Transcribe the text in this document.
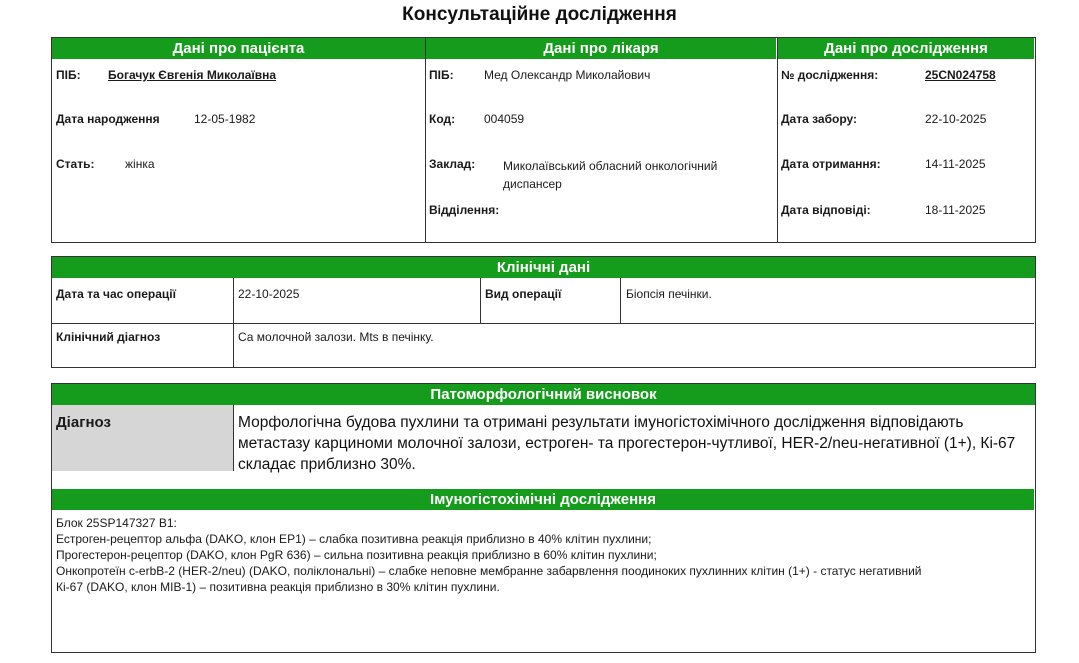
Консультаційне дослідження
Дані про пацієнта	Дані про лікаря	Дані про дослідження
ПІБ: Богачук Євгенія Миколаївна
Дата народження	12-05-1982
Стать:	жінка
ПІБ:	Мед Олександр Миколайович
Код: 004059
Заклад: Миколаївський обласний онкологічний диспансер
Відділення:
№ дослідження:	25CN024758
Дата забору:	22-10-2025
Дата отримання:	14-11-2025
Дата відповіді:	18-11-2025
Клінічні дані
Дата та час операції	22-10-2025	Вид операції	Біопсія печінки.
Клінічний діагноз	Са молочной залози. Mts в печінку.
Патоморфологічний висновок
Діагноз	Морфологічна будова пухлини та отримані результати імуногістохімічного дослідження відповідають метастазу карциноми молочної залози, естроген- та прогестерон-чутливої, HER-2/neu-негативної (1+), Кі-67 складає приблизно 30%.
Імуногістохімічні дослідження
Блок 25SP147327 B1:
Естроген-рецептор альфа (DAKO, клон EP1) – слабка позитивна реакція приблизно в 40% клітин пухлини;
Прогестерон-рецептор (DAKO, клон PgR 636) – сильна позитивна реакція приблизно в 60% клітин пухлини;
Онкопротеїн c-erbB-2 (HER-2/neu) (DAKO, поліклональні) – слабке неповне мембранне забарвлення поодиноких пухлинних клітин (1+) - статус негативний
Кі-67 (DAKO, клон MIB-1) – позитивна реакція приблизно в 30% клітин пухлини.
